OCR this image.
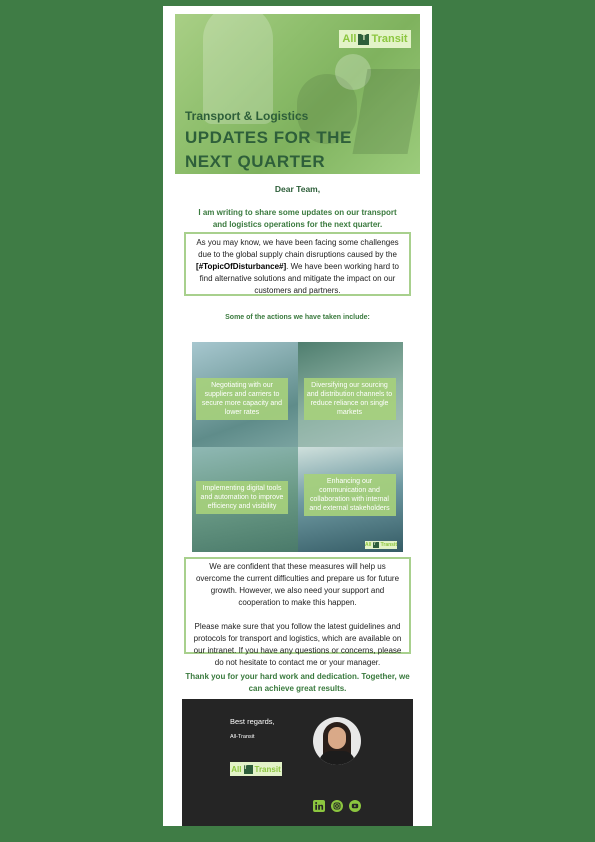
All T Transit
Transport & Logistics
UPDATES FOR THE NEXT QUARTER
Dear Team,
I am writing to share some updates on our transport and logistics operations for the next quarter.
As you may know, we have been facing some challenges due to the global supply chain disruptions caused by the [#TopicOfDisturbance#]. We have been working hard to find alternative solutions and mitigate the impact on our customers and partners.
Some of the actions we have taken include:
Negotiating with our suppliers and carriers to secure more capacity and lower rates
Diversifying our sourcing and distribution channels to reduce reliance on single markets
Implementing digital tools and automation to improve efficiency and visibility
Enhancing our communication and collaboration with internal and external stakeholders
All T Transit

We are confident that these measures will help us overcome the current difficulties and prepare us for future growth. However, we also need your support and cooperation to make this happen.

Please make sure that you follow the latest guidelines and protocols for transport and logistics, which are available on our intranet. If you have any questions or concerns, please do not hesitate to contact me or your manager.

Thank you for your hard work and dedication. Together, we can achieve great results.
Best regards,
All-Transit
All T Transit
